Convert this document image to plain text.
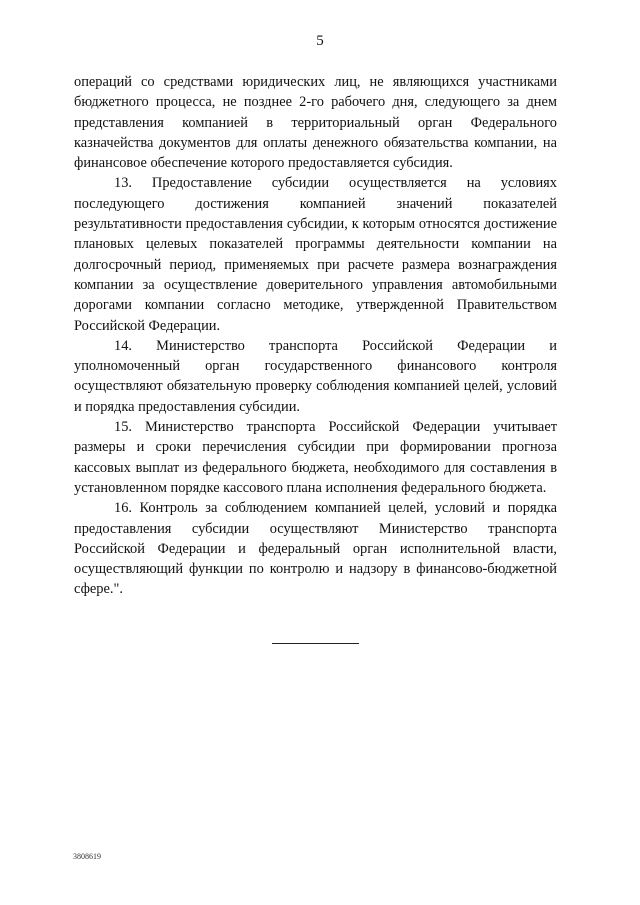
5

операций со средствами юридических лиц, не являющихся участниками бюджетного процесса, не позднее 2-го рабочего дня, следующего за днем представления компанией в территориальный орган Федерального казначейства документов для оплаты денежного обязательства компании, на финансовое обеспечение которого предоставляется субсидия.

13. Предоставление субсидии осуществляется на условиях последующего достижения компанией значений показателей результативности предоставления субсидии, к которым относятся достижение плановых целевых показателей программы деятельности компании на долгосрочный период, применяемых при расчете размера вознаграждения компании за осуществление доверительного управления автомобильными дорогами компании согласно методике, утвержденной Правительством Российской Федерации.

14. Министерство транспорта Российской Федерации и уполномоченный орган государственного финансового контроля осуществляют обязательную проверку соблюдения компанией целей, условий и порядка предоставления субсидии.

15. Министерство транспорта Российской Федерации учитывает размеры и сроки перечисления субсидии при формировании прогноза кассовых выплат из федерального бюджета, необходимого для составления в установленном порядке кассового плана исполнения федерального бюджета.

16. Контроль за соблюдением компанией целей, условий и порядка предоставления субсидии осуществляют Министерство транспорта Российской Федерации и федеральный орган исполнительной власти, осуществляющий функции по контролю и надзору в финансово-бюджетной сфере.".

3808619
